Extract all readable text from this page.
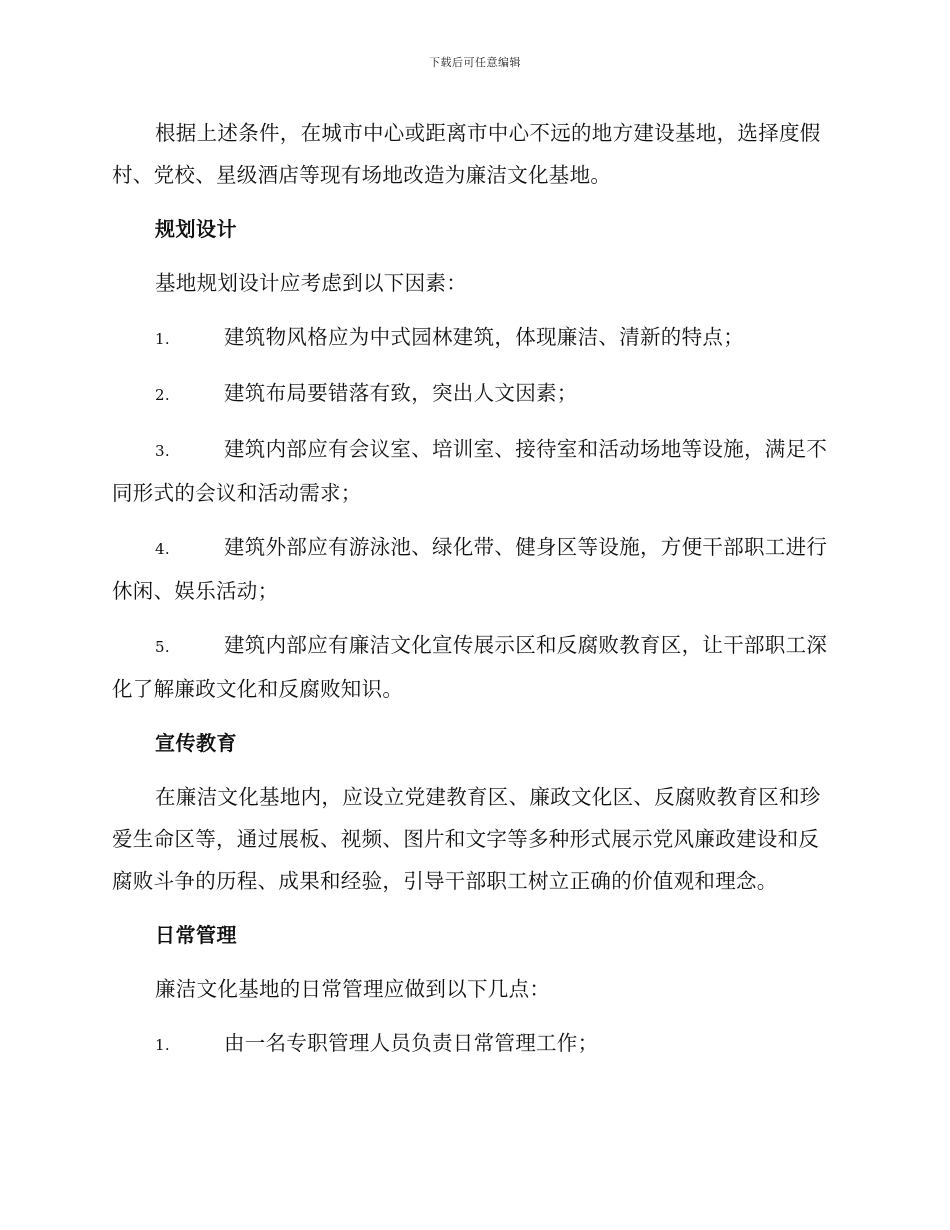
下载后可任意编辑

根据上述条件，在城市中心或距离市中心不远的地方建设基地，选择度假村、党校、星级酒店等现有场地改造为廉洁文化基地。

规划设计

基地规划设计应考虑到以下因素：

1.	建筑物风格应为中式园林建筑，体现廉洁、清新的特点；
2.	建筑布局要错落有致，突出人文因素；
3.	建筑内部应有会议室、培训室、接待室和活动场地等设施，满足不同形式的会议和活动需求；
4.	建筑外部应有游泳池、绿化带、健身区等设施，方便干部职工进行休闲、娱乐活动；
5.	建筑内部应有廉洁文化宣传展示区和反腐败教育区，让干部职工深化了解廉政文化和反腐败知识。
宣传教育

在廉洁文化基地内，应设立党建教育区、廉政文化区、反腐败教育区和珍爱生命区等，通过展板、视频、图片和文字等多种形式展示党风廉政建设和反腐败斗争的历程、成果和经验，引导干部职工树立正确的价值观和理念。

日常管理

廉洁文化基地的日常管理应做到以下几点：

1.	由一名专职管理人员负责日常管理工作；
